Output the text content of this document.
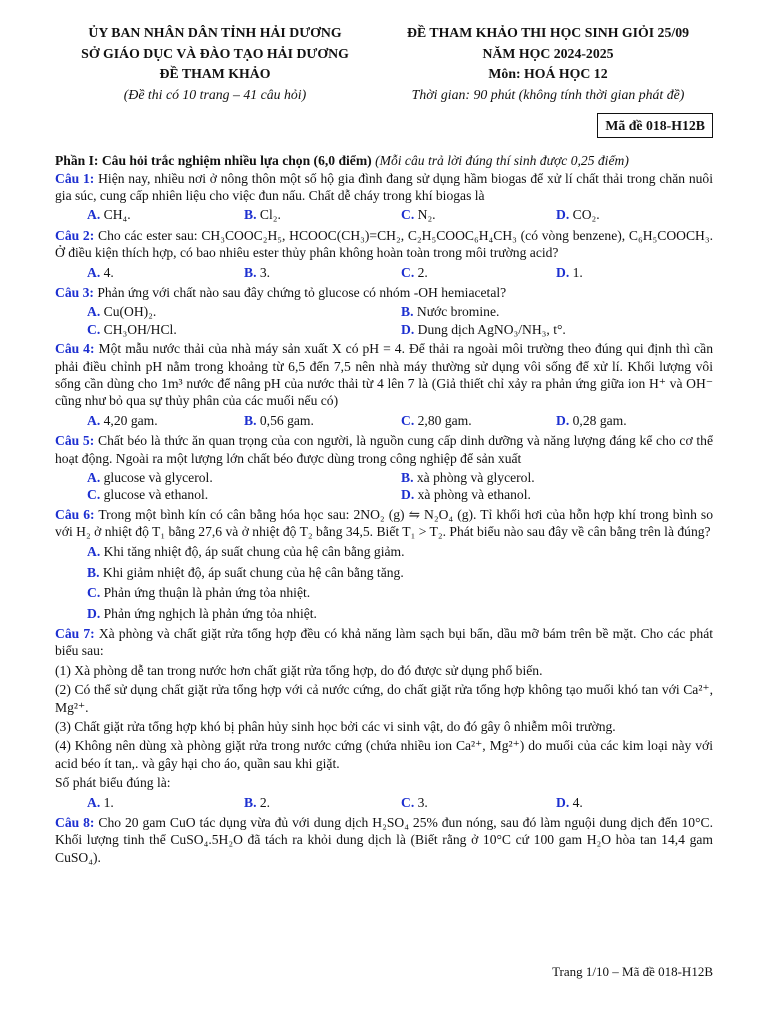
ỦY BAN NHÂN DÂN TỈNH HẢI DƯƠNG
SỞ GIÁO DỤC VÀ ĐÀO TẠO HẢI DƯƠNG
ĐỀ THAM KHẢO
(Đề thi có 10 trang – 41 câu hỏi)
ĐỀ THAM KHẢO THI HỌC SINH GIỎI 25/09
NĂM HỌC 2024-2025
Môn: HOÁ HỌC 12
Thời gian: 90 phút (không tính thời gian phát đề)
Mã đề 018-H12B

Phần I: Câu hỏi trắc nghiệm nhiều lựa chọn (6,0 điểm) (Mỗi câu trả lời đúng thí sinh được 0,25 điểm)

Câu 1: Hiện nay, nhiều nơi ở nông thôn một số hộ gia đình đang sử dụng hầm biogas để xử lí chất thải trong chăn nuôi gia súc, cung cấp nhiên liệu cho việc đun nấu. Chất dễ cháy trong khí biogas là

A. CH₄.	B. Cl₂.	C. N₂.	D. CO₂.

Câu 2: Cho các ester sau: CH₃COOC₂H₅, HCOOC(CH₃)=CH₂, C₂H₅COOC₆H₄CH₃ (có vòng benzene), C₆H₅COOCH₃. Ở điều kiện thích hợp, có bao nhiêu ester thủy phân không hoàn toàn trong môi trường acid?

A. 4.	B. 3.	C. 2.	D. 1.

Câu 3: Phản ứng với chất nào sau đây chứng tỏ glucose có nhóm -OH hemiacetal?

A. Cu(OH)₂.	B. Nước bromine.
C. CH₃OH/HCl.	D. Dung dịch AgNO₃/NH₃, t°.

Câu 4: Một mẫu nước thải của nhà máy sản xuất X có pH = 4. Để thải ra ngoài môi trường theo đúng qui định thì cần phải điều chỉnh pH nằm trong khoảng từ 6,5 đến 7,5 nên nhà máy thường sử dụng vôi sống để xử lí. Khối lượng vôi sống cần dùng cho 1m³ nước để nâng pH của nước thải từ 4 lên 7 là (Giả thiết chỉ xảy ra phản ứng giữa ion H⁺ và OH⁻ cũng như bỏ qua sự thủy phân của các muối nếu có)

A. 4,20 gam.	B. 0,56 gam.	C. 2,80 gam.	D. 0,28 gam.

Câu 5: Chất béo là thức ăn quan trọng của con người, là nguồn cung cấp dinh dưỡng và năng lượng đáng kể cho cơ thể hoạt động. Ngoài ra một lượng lớn chất béo được dùng trong công nghiệp để sản xuất

A. glucose và glycerol.	B. xà phòng và glycerol.
C. glucose và ethanol.	D. xà phòng và ethanol.

Câu 6: Trong một bình kín có cân bằng hóa học sau: 2NO₂ (g) ⇋ N₂O₄ (g). Tỉ khối hơi của hỗn hợp khí trong bình so với H₂ ở nhiệt độ T₁ bằng 27,6 và ở nhiệt độ T₂ bằng 34,5. Biết T₁ > T₂. Phát biểu nào sau đây về cân bằng trên là đúng?

A. Khi tăng nhiệt độ, áp suất chung của hệ cân bằng giảm.
B. Khi giảm nhiệt độ, áp suất chung của hệ cân bằng tăng.
C. Phản ứng thuận là phản ứng tỏa nhiệt.
D. Phản ứng nghịch là phản ứng tỏa nhiệt.

Câu 7: Xà phòng và chất giặt rửa tổng hợp đều có khả năng làm sạch bụi bẩn, dầu mỡ bám trên bề mặt. Cho các phát biểu sau:

(1) Xà phòng dễ tan trong nước hơn chất giặt rửa tổng hợp, do đó được sử dụng phổ biến.

(2) Có thể sử dụng chất giặt rửa tổng hợp với cả nước cứng, do chất giặt rửa tổng hợp không tạo muối khó tan với Ca²⁺, Mg²⁺.

(3) Chất giặt rửa tổng hợp khó bị phân hủy sinh học bởi các vi sinh vật, do đó gây ô nhiễm môi trường.

(4) Không nên dùng xà phòng giặt rửa trong nước cứng (chứa nhiều ion Ca²⁺, Mg²⁺) do muối của các kim loại này với acid béo ít tan,. và gây hại cho áo, quần sau khi giặt.

Số phát biểu đúng là:

A. 1.	B. 2.	C. 3.	D. 4.

Câu 8: Cho 20 gam CuO tác dụng vừa đủ với dung dịch H₂SO₄ 25% đun nóng, sau đó làm nguội dung dịch đến 10°C. Khối lượng tinh thể CuSO₄.5H₂O đã tách ra khỏi dung dịch là (Biết rằng ở 10°C cứ 100 gam H₂O hòa tan 14,4 gam CuSO₄).

Trang 1/10 – Mã đề 018-H12B
